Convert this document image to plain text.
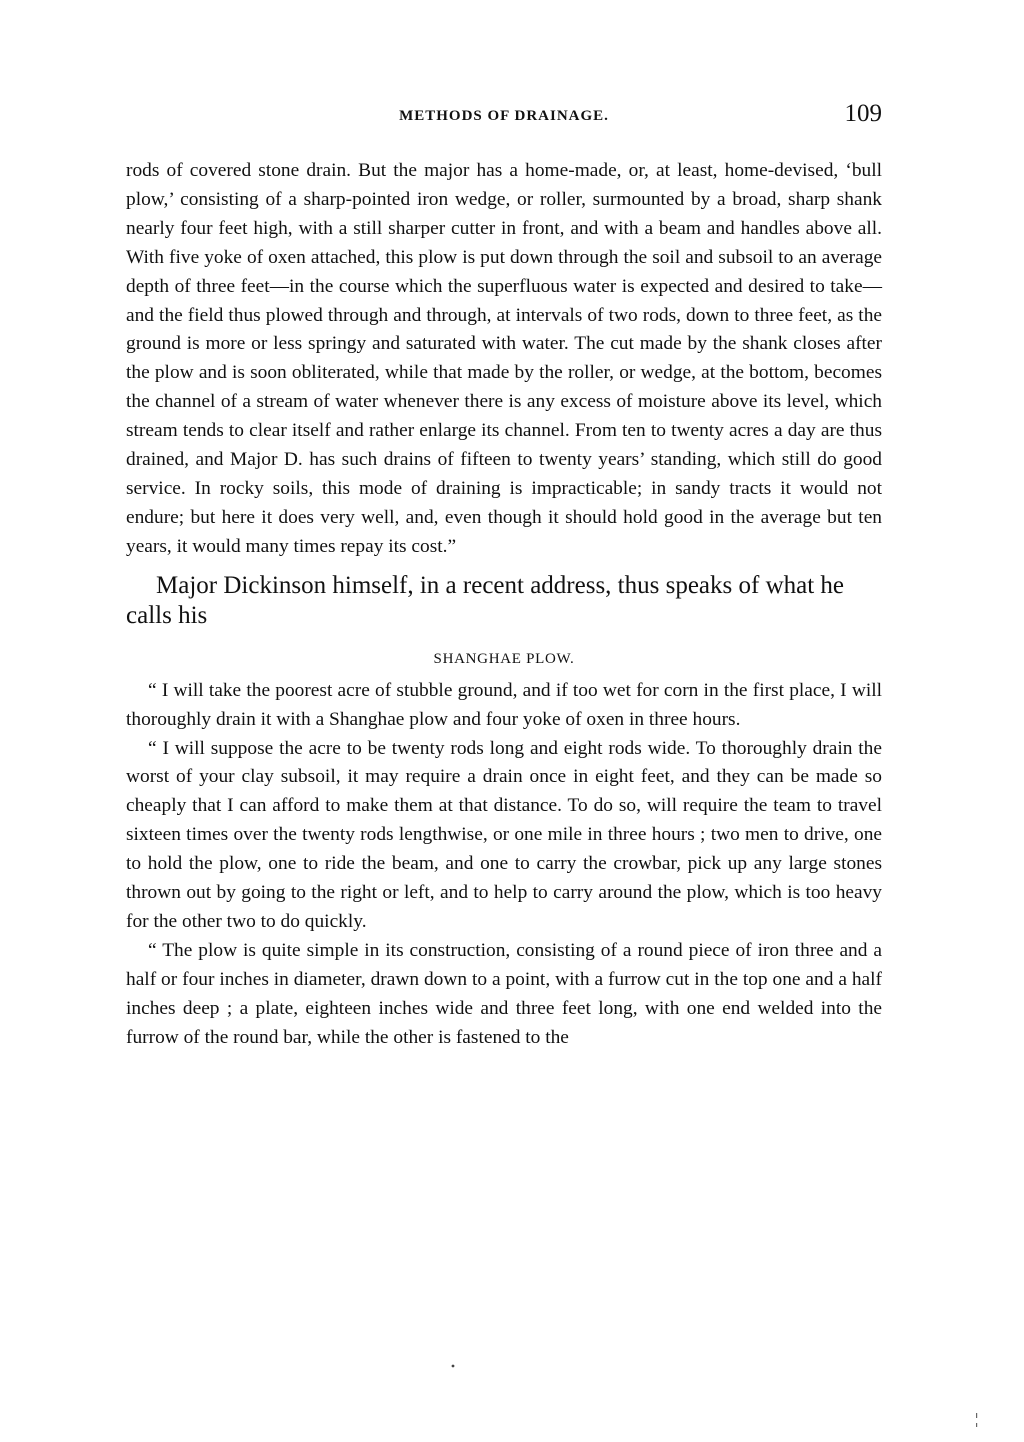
METHODS OF DRAINAGE.	109

rods of covered stone drain. But the major has a home-made, or, at least, home-devised, ‘bull plow,’ consisting of a sharp-pointed iron wedge, or roller, surmounted by a broad, sharp shank nearly four feet high, with a still sharper cutter in front, and with a beam and handles above all. With five yoke of oxen attached, this plow is put down through the soil and subsoil to an average depth of three feet—in the course which the superfluous water is expected and desired to take—and the field thus plowed through and through, at intervals of two rods, down to three feet, as the ground is more or less springy and saturated with water. The cut made by the shank closes after the plow and is soon obliterated, while that made by the roller, or wedge, at the bottom, becomes the channel of a stream of water whenever there is any excess of moisture above its level, which stream tends to clear itself and rather enlarge its channel. From ten to twenty acres a day are thus drained, and Major D. has such drains of fifteen to twenty years’ standing, which still do good service. In rocky soils, this mode of draining is impracticable; in sandy tracts it would not endure; but here it does very well, and, even though it should hold good in the average but ten years, it would many times repay its cost.”

Major Dickinson himself, in a recent address, thus speaks of what he calls his

SHANGHAE PLOW.

“ I will take the poorest acre of stubble ground, and if too wet for corn in the first place, I will thoroughly drain it with a Shanghae plow and four yoke of oxen in three hours.

“ I will suppose the acre to be twenty rods long and eight rods wide. To thoroughly drain the worst of your clay subsoil, it may require a drain once in eight feet, and they can be made so cheaply that I can afford to make them at that distance. To do so, will require the team to travel sixteen times over the twenty rods lengthwise, or one mile in three hours ; two men to drive, one to hold the plow, one to ride the beam, and one to carry the crowbar, pick up any large stones thrown out by going to the right or left, and to help to carry around the plow, which is too heavy for the other two to do quickly.

“ The plow is quite simple in its construction, consisting of a round piece of iron three and a half or four inches in diameter, drawn down to a point, with a furrow cut in the top one and a half inches deep ; a plate, eighteen inches wide and three feet long, with one end welded into the furrow of the round bar, while the other is fastened to the
